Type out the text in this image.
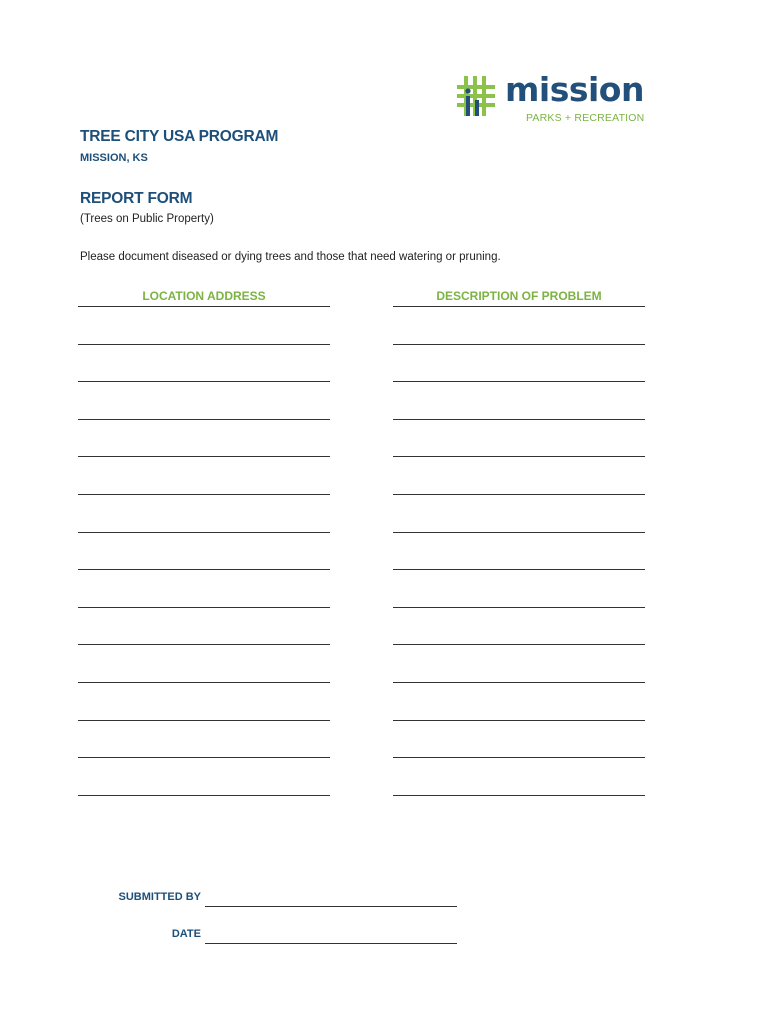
mission
PARKS + RECREATION
TREE CITY USA PROGRAM
MISSION, KS
REPORT FORM
(Trees on Public Property)
Please document diseased or dying trees and those that need watering or pruning.
LOCATION ADDRESS	DESCRIPTION OF PROBLEM
SUBMITTED BY
DATE
